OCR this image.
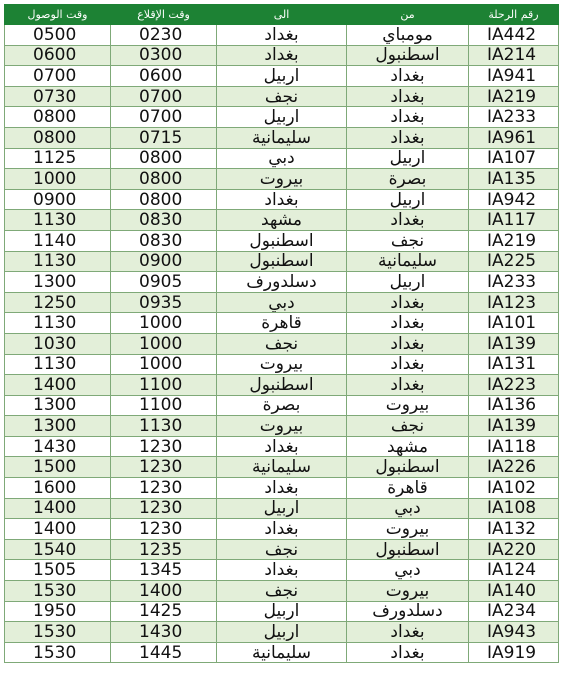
وقت الوصول	وقت الإقلاع	الى	من	رقم الرحلة
0500	0230	بغداد	مومباي	IA442
0600	0300	بغداد	اسطنبول	IA214
0700	0600	اربيل	بغداد	IA941
0730	0700	نجف	بغداد	IA219
0800	0700	اربيل	بغداد	IA233
0800	0715	سليمانية	بغداد	IA961
1125	0800	دبي	اربيل	IA107
1000	0800	بيروت	بصرة	IA135
0900	0800	بغداد	اربيل	IA942
1130	0830	مشهد	بغداد	IA117
1140	0830	اسطنبول	نجف	IA219
1130	0900	اسطنبول	سليمانية	IA225
1300	0905	دسلدورف	اربيل	IA233
1250	0935	دبي	بغداد	IA123
1130	1000	قاهرة	بغداد	IA101
1030	1000	نجف	بغداد	IA139
1130	1000	بيروت	بغداد	IA131
1400	1100	اسطنبول	بغداد	IA223
1300	1100	بصرة	بيروت	IA136
1300	1130	بيروت	نجف	IA139
1430	1230	بغداد	مشهد	IA118
1500	1230	سليمانية	اسطنبول	IA226
1600	1230	بغداد	قاهرة	IA102
1400	1230	اربيل	دبي	IA108
1400	1230	بغداد	بيروت	IA132
1540	1235	نجف	اسطنبول	IA220
1505	1345	بغداد	دبي	IA124
1530	1400	نجف	بيروت	IA140
1950	1425	اربيل	دسلدورف	IA234
1530	1430	اربيل	بغداد	IA943
1530	1445	سليمانية	بغداد	IA919
